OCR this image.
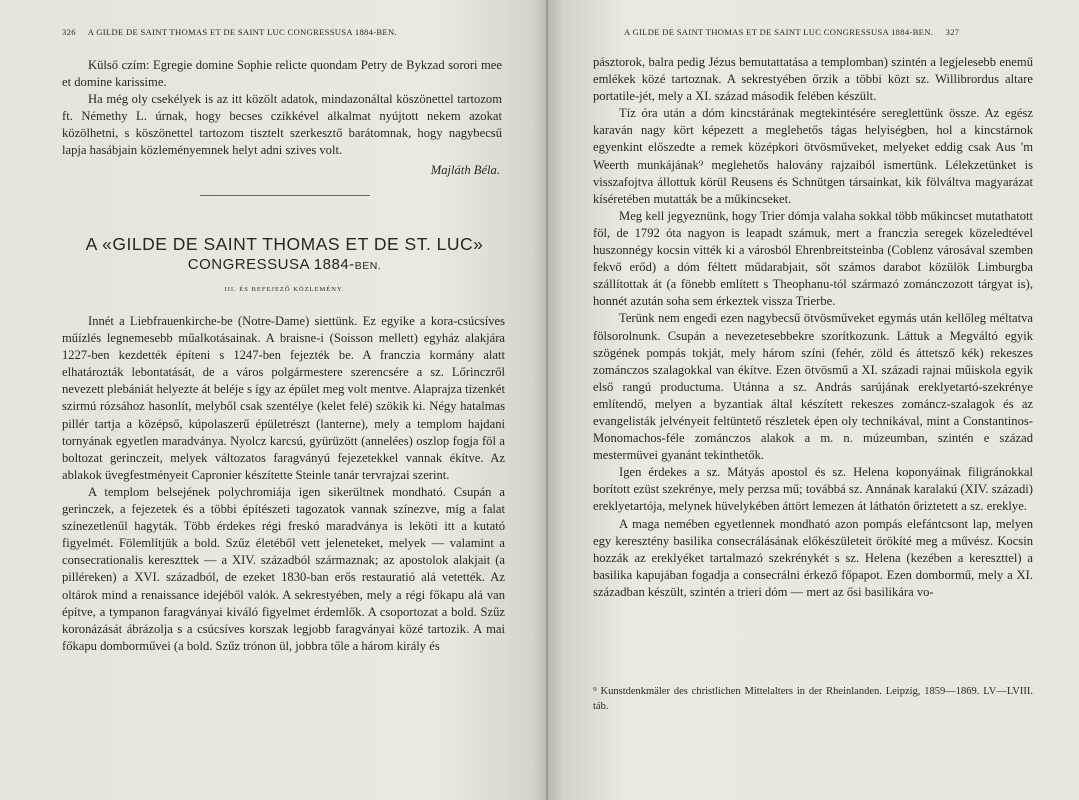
326 A GILDE DE SAINT THOMAS ET DE SAINT LUC CONGRESSUSA 1884-BEN.

Külső czím: Egregie domine Sophie relicte quondam Petry de Bykzad sorori mee et domine karissime.

Ha még oly csekélyek is az itt közölt adatok, mindazonáltal köszönettel tartozom ft. Némethy L. úrnak, hogy becses czikkével alkalmat nyújtott nekem azokat közölhetni, s köszönettel tartozom tisztelt szerkesztő barátomnak, hogy nagybecsű lapja hasábjain közleményemnek helyt adni szives volt.

Majláth Béla.

A «GILDE DE SAINT THOMAS ET DE ST. LUC»
CONGRESSUSA 1884-BEN.
III. ÉS BEFEJEZŐ KÖZLEMÉNY.

Innét a Liebfrauenkirche-be (Notre-Dame) siettünk. Ez egyike a kora-csúcsíves műízlés legnemesebb műalkotásainak. A braisne-i (Soisson mellett) egyház alakjára 1227-ben kezdették építeni s 1247-ben fejezték be. A franczia kormány alatt elhatározták lebontatását, de a város polgármestere szerencsére a sz. Lőrinczről nevezett plebániát helyezte át beléje s így az épület meg volt mentve. Alaprajza tizenkét szirmú rózsához hasonlít, melyből csak szentélye (kelet felé) szökik ki. Négy hatalmas pillér tartja a középső, kúpolaszerű épületrészt (lanterne), mely a templom hajdani tornyának egyetlen maradványa. Nyolcz karcsú, gyürüzött (annelées) oszlop fogja föl a boltozat gerinczeit, melyek változatos faragványú fejezetekkel vannak ékítve. Az ablakok üvegfestményeit Capronier készítette Steinle tanár tervrajzai szerint.

A templom belsejének polychromiája igen sikerültnek mondható. Csupán a gerinczek, a fejezetek és a többi építészeti tagozatok vannak színezve, míg a falat színezetlenűl hagyták. Több érdekes régi freskó maradványa is leköti itt a kutató figyelmét. Fölemlítjük a bold. Szűz életéből vett jeleneteket, melyek — valamint a consecrationalis kereszttek — a XIV. századból származnak; az apostolok alakjait (a pillérekеn) a XVI. századból, de ezeket 1830-ban erős restauratió alá vetették. Az oltárok mind a renaissance idejéből valók. A sekrestyében, mely a régi főkapu alá van építve, a tympanon faragványai kiváló figyelmet érdemlők. A csoportozat a bold. Szűz koronázását ábrázolja s a csúcsíves korszak legjobb faragványai közé tartozik. A mai főkapu domborművei (a bold. Szűz trónon ül, jobbra tőle a három király és

A GILDE DE SAINT THOMAS ET DE SAINT LUC CONGRESSUSA 1884-BEN. 327

pásztorok, balra pedig Jézus bemutattatása a templomban) szintén a legjelesebb enemű emlékek közé tartoznak. A sekrestyében őrzik a többi közt sz. Willibrordus altare portatile-jét, mely a XI. század második felében készült.

Tíz óra után a dóm kincstárának megtekintésére sereglettünk össze. Az egész karaván nagy kört képezett a meglehetős tágas helyiségben, hol a kincstárnok egyenkint előszedte a remek középkori ötvösműveket, melyeket eddig csak Aus 'm Weerth munkájának⁹ meglehetős halovány rajzaiból ismertünk. Lélekzetünket is visszafojtva állottuk körül Reusens és Schnütgen társainkat, kik fölváltva magyarázat kíséretében mutatták be a műkincseket.

Meg kell jegyeznünk, hogy Trier dómja valaha sokkal több műkincset mutathatott föl, de 1792 óta nagyon is leapadt számuk, mert a franczia seregek közeledtével huszonnégy kocsin vitték ki a városból Ehrenbreitsteinba (Coblenz városával szemben fekvő erőd) a dóm féltett műdarabjait, sőt számos darabot közülök Limburgba szállítottak át (a fönebb említett s Theophanu-tól származó zománczozott tárgyat is), honnét azután soha sem érkeztek vissza Trierbe.

Terünk nem engedi ezen nagybecsű ötvösműveket egymás után kellőleg méltatva fölsorolnunk. Csupán a nevezetesebbekre szorítkozunk. Láttuk a Megváltó egyik szögének pompás tokját, mely három színi (fehér, zöld és áttetsző kék) rekeszes zománczos szalagokkal van ékítve. Ezen ötvösmű a XI. századi rajnai műiskola egyik első rangú productuma. Utánna a sz. András sarújának ereklyetartó-szekrénye említendő, melyen a byzantiak által készített rekeszes zománcz-szalagok és az evangelisták jelvényeit feltüntető részletek épen oly technikával, mint a Constantinos-Monomachos-féle zománczos alakok a m. n. múzeumban, szintén e század mestermüvei gyanánt tekinthetők.

Igen érdekes a sz. Mátyás apostol és sz. Helena koponyáinak filigránokkal borított ezüst szekrénye, mely perzsa mű; továbbá sz. Annának karalakú (XIV. századi) ereklyetartója, melynek hüvelykében áttört lemezen át láthatón őriztetett a sz. ereklye.

A maga nemében egyetlennek mondható azon pompás elefántcsont lap, melyen egy keresztény basilika consecrálásának előkészületeit örökíté meg a művész. Kocsin hozzák az ereklyéket tartalmazó szekrénykét s sz. Helena (kezében a kereszttel) a basilika kapujában fogadja a consecrálni érkező főpapot. Ezen dombormű, mely a XI. században készült, szintén a trieri dóm — mert az ősi basilikára vo-

⁹ Kunstdenkmäler des christlichen Mittelalters in der Rheinlanden. Leipzig, 1859—1869. LV—LVIII. táb.
